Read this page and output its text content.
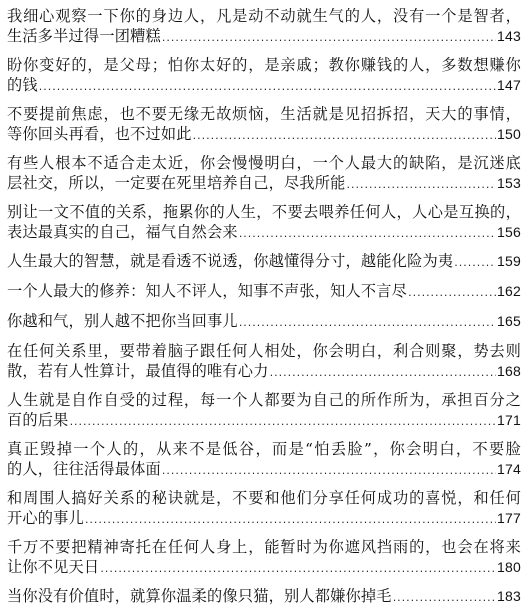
我细心观察一下你的身边人，凡是动不动就生气的人，没有一个是智者，
生活多半过得一团糟糕 .....	143
盼你变好的，是父母；怕你太好的，是亲戚；教你赚钱的人，多数想赚你
的钱 .....	147
不要提前焦虑，也不要无缘无故烦恼，生活就是见招拆招，天大的事情，
等你回头再看，也不过如此 .....	150
有些人根本不适合走太近，你会慢慢明白，一个人最大的缺陷，是沉迷底
层社交，所以，一定要在死里培养自己，尽我所能 .....	153
别让一文不值的关系，拖累你的人生，不要去喂养任何人，人心是互换的，
表达最真实的自己，福气自然会来 .....	156
人生最大的智慧，就是看透不说透，你越懂得分寸，越能化险为夷 .....	159
一个人最大的修养：知人不评人，知事不声张，知人不言尽 .....	162
你越和气，别人越不把你当回事儿 .....	165
在任何关系里，要带着脑子跟任何人相处，你会明白，利合则聚，势去则
散，若有人性算计，最值得的唯有心力 .....	168
人生就是自作自受的过程，每一个人都要为自己的所作所为，承担百分之
百的后果 .....	171
真正毁掉一个人的，从来不是低谷，而是“怕丢脸”，你会明白，不要脸
的人，往往活得最体面 .....	174
和周围人搞好关系的秘诀就是，不要和他们分享任何成功的喜悦，和任何
开心的事儿 .....	177
千万不要把精神寄托在任何人身上，能暂时为你遮风挡雨的，也会在将来
让你不见天日 .....	180
当你没有价值时，就算你温柔的像只猫，别人都嫌你掉毛 .....	183
